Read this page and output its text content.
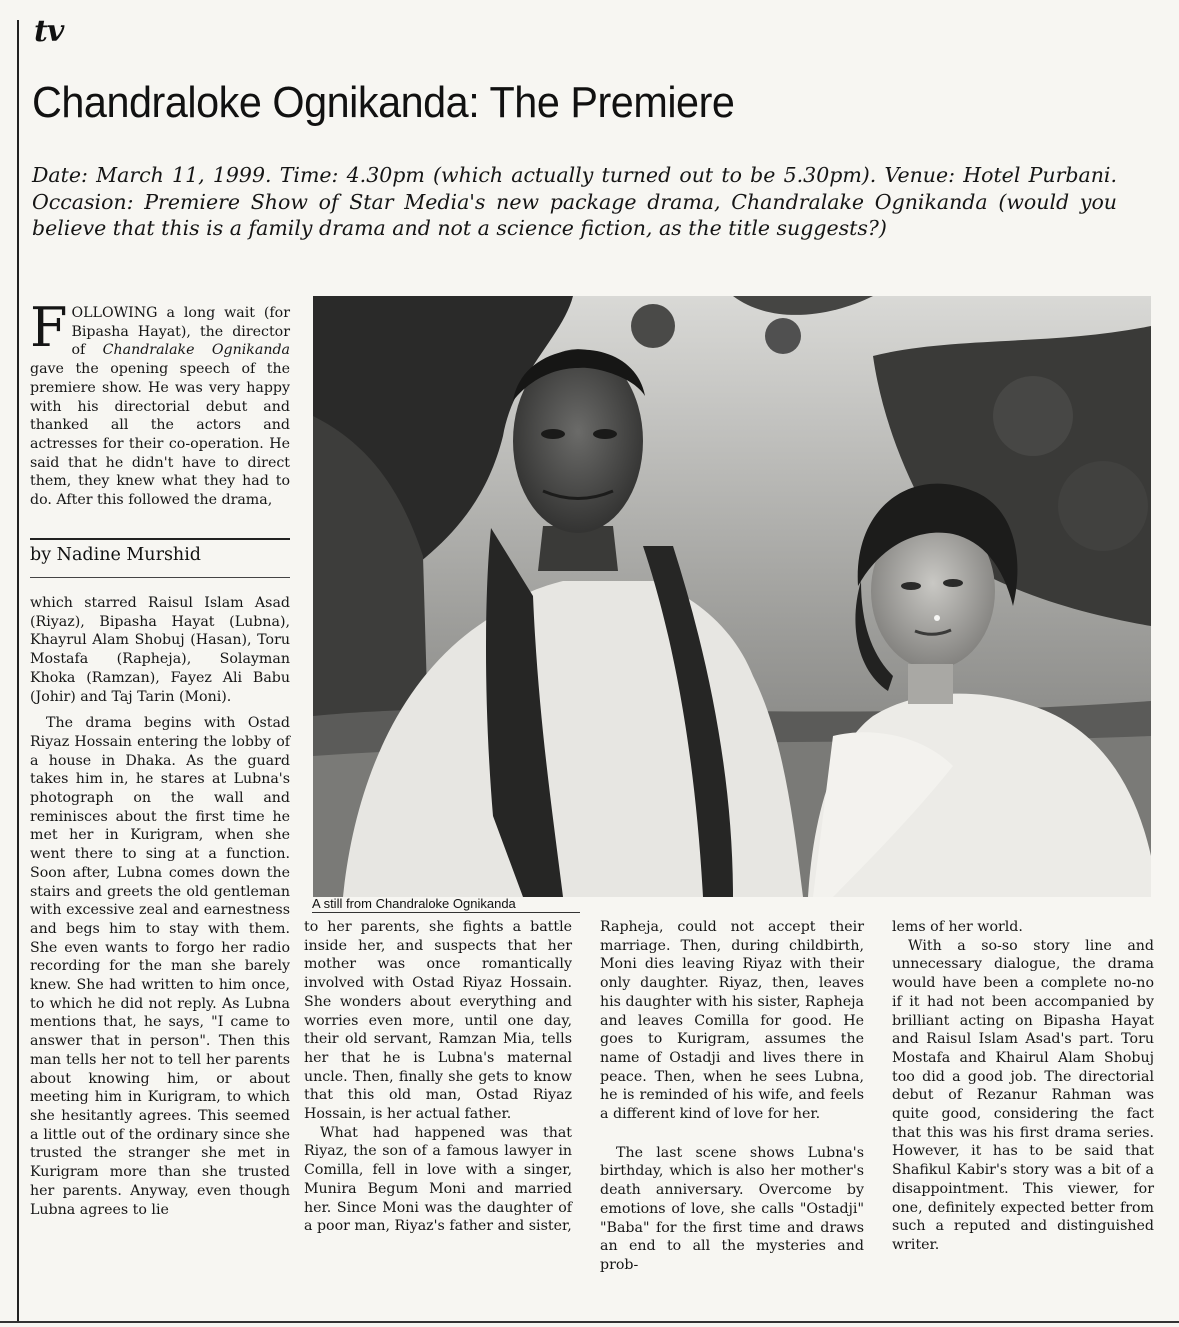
tv
Chandraloke Ognikanda: The Premiere
Date: March 11, 1999. Time: 4.30pm (which actually turned out to be 5.30pm). Venue: Hotel Purbani. Occasion: Premiere Show of Star Media's new package drama, Chandralake Ognikanda (would you believe that this is a family drama and not a science fiction, as the title suggests?)
FOLLOWING a long wait (for Bipasha Hayat), the director of Chandralake Ognikanda gave the opening speech of the premiere show. He was very happy with his directorial debut and thanked all the actors and actresses for their co-operation. He said that he didn't have to direct them, they knew what they had to do. After this followed the drama,
by Nadine Murshid

which starred Raisul Islam Asad (Riyaz), Bipasha Hayat (Lubna), Khayrul Alam Shobuj (Hasan), Toru Mostafa (Rapheja), Solayman Khoka (Ramzan), Fayez Ali Babu (Johir) and Taj Tarin (Moni).

The drama begins with Ostad Riyaz Hossain entering the lobby of a house in Dhaka. As the guard takes him in, he stares at Lubna's photograph on the wall and reminisces about the first time he met her in Kurigram, when she went there to sing at a function. Soon after, Lubna comes down the stairs and greets the old gentleman with excessive zeal and earnestness and begs him to stay with them. She even wants to forgo her radio recording for the man she barely knew. She had written to him once, to which he did not reply. As Lubna mentions that, he says, "I came to answer that in person". Then this man tells her not to tell her parents about knowing him, or about meeting him in Kurigram, to which she hesitantly agrees. This seemed a little out of the ordinary since she trusted the stranger she met in Kurigram more than she trusted her parents. Anyway, even though Lubna agrees to lie

A still from Chandraloke Ognikanda

to her parents, she fights a battle inside her, and suspects that her mother was once romantically involved with Ostad Riyaz Hossain. She wonders about everything and worries even more, until one day, their old servant, Ramzan Mia, tells her that he is Lubna's maternal uncle. Then, finally she gets to know that this old man, Ostad Riyaz Hossain, is her actual father.

What had happened was that Riyaz, the son of a famous lawyer in Comilla, fell in love with a singer, Munira Begum Moni and married her. Since Moni was the daughter of a poor man, Riyaz's father and sister,

Rapheja, could not accept their marriage. Then, during childbirth, Moni dies leaving Riyaz with their only daughter. Riyaz, then, leaves his daughter with his sister, Rapheja and leaves Comilla for good. He goes to Kurigram, assumes the name of Ostadji and lives there in peace. Then, when he sees Lubna, he is reminded of his wife, and feels a different kind of love for her.

The last scene shows Lubna's birthday, which is also her mother's death anniversary. Overcome by emotions of love, she calls "Ostadji" "Baba" for the first time and draws an end to all the mysteries and prob-

lems of her world.

With a so-so story line and unnecessary dialogue, the drama would have been a complete no-no if it had not been accompanied by brilliant acting on Bipasha Hayat and Raisul Islam Asad's part. Toru Mostafa and Khairul Alam Shobuj too did a good job. The directorial debut of Rezanur Rahman was quite good, considering the fact that this was his first drama series. However, it has to be said that Shafikul Kabir's story was a bit of a disappointment. This viewer, for one, definitely expected better from such a reputed and distinguished writer.
